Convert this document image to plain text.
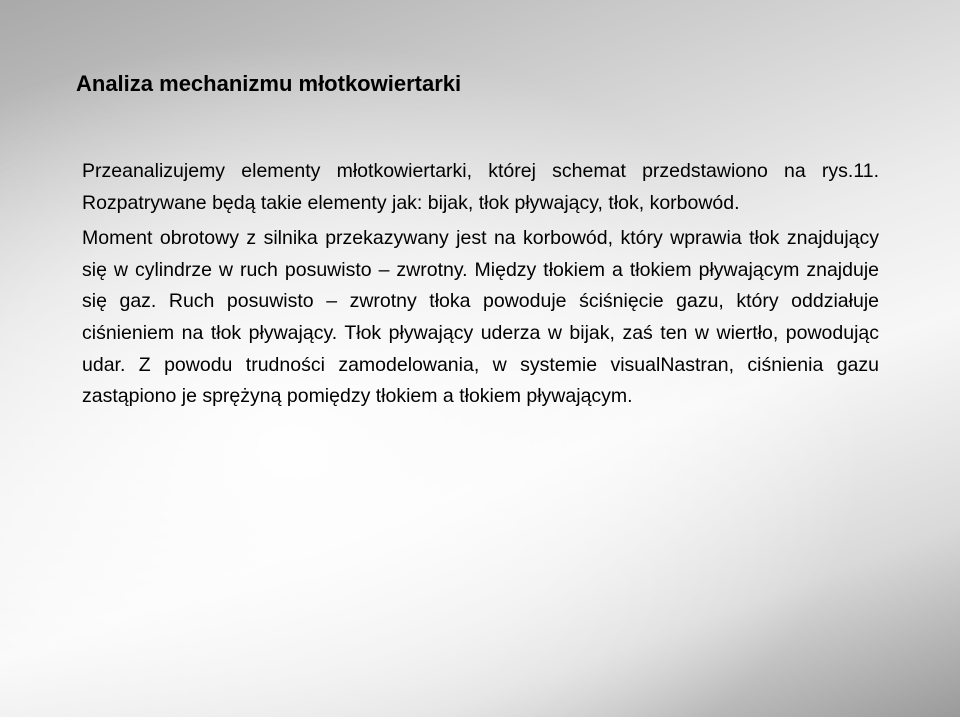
Analiza mechanizmu młotkowiertarki

Przeanalizujemy elementy młotkowiertarki, której schemat przedstawiono na rys.11. Rozpatrywane będą takie elementy jak: bijak, tłok pływający, tłok, korbowód.

Moment obrotowy z silnika przekazywany jest na korbowód, który wprawia tłok znajdujący się w cylindrze w ruch posuwisto – zwrotny. Między tłokiem a tłokiem pływającym znajduje się gaz. Ruch posuwisto – zwrotny tłoka powoduje ściśnięcie gazu, który oddziałuje ciśnieniem na tłok pływający. Tłok pływający uderza w bijak, zaś ten w wiertło, powodując udar. Z powodu trudności zamodelowania, w systemie visualNastran, ciśnienia gazu zastąpiono je sprężyną pomiędzy tłokiem a tłokiem pływającym.
